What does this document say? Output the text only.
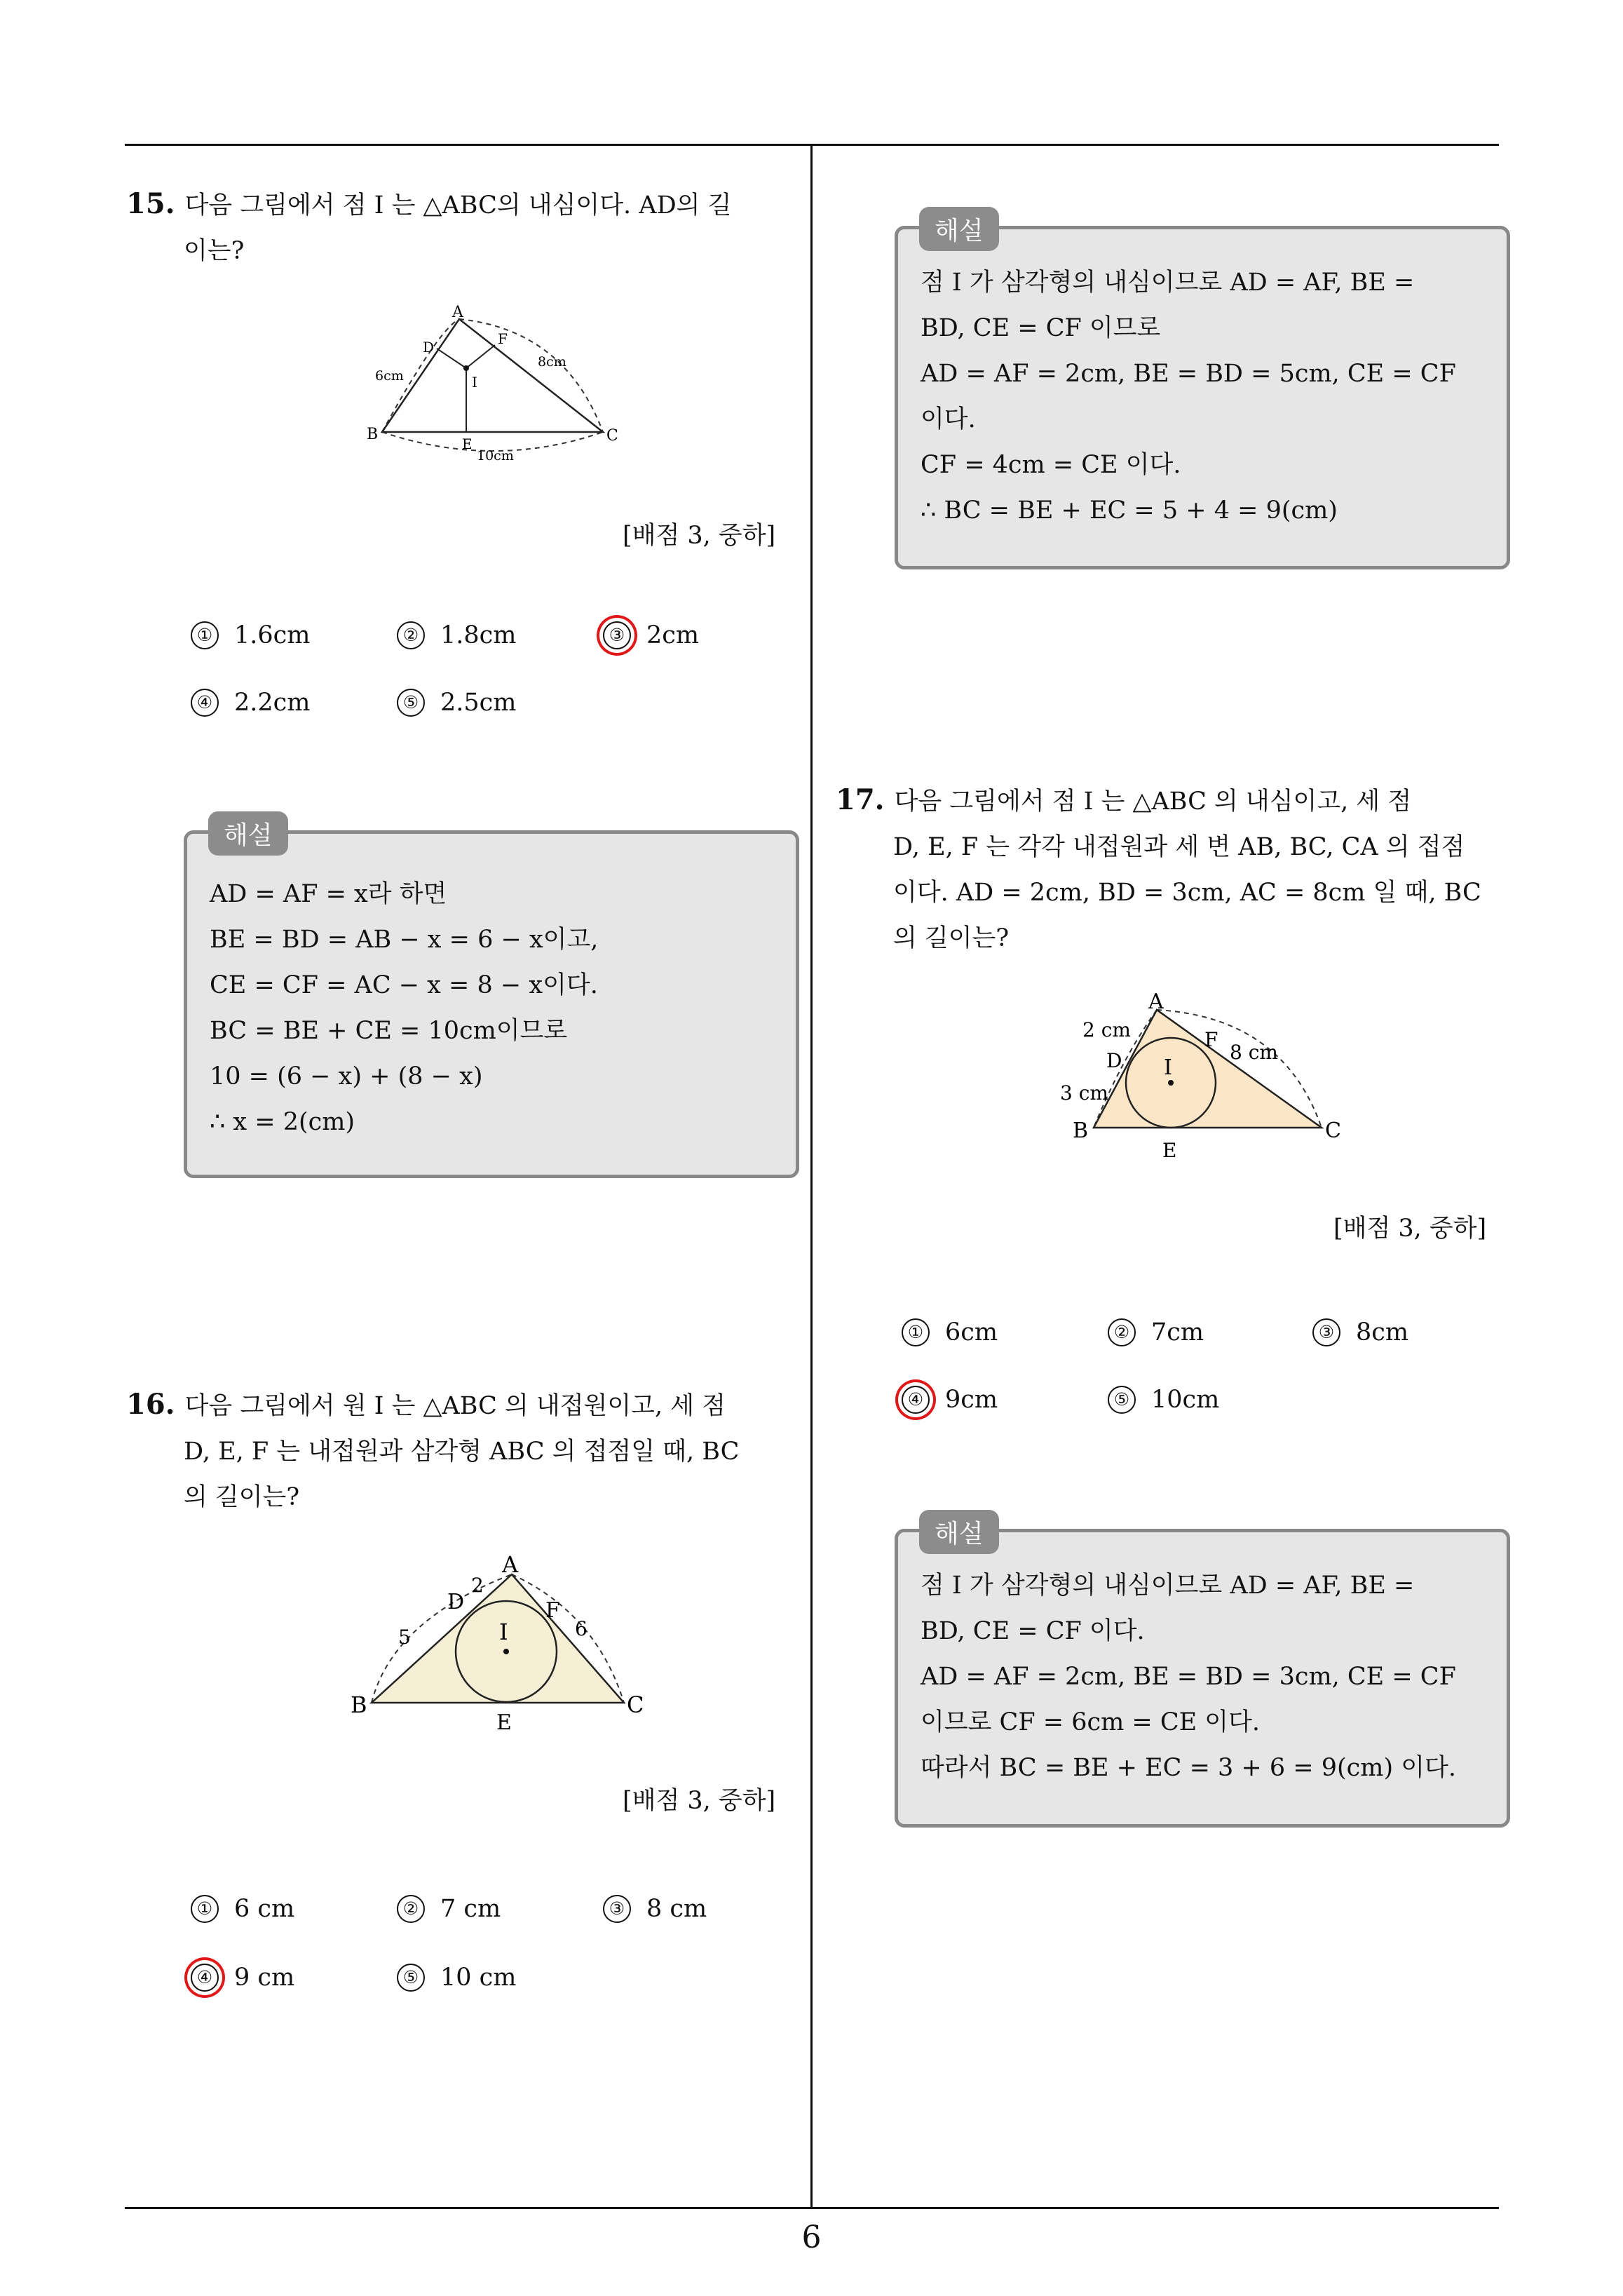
15. 다음 그림에서 점 I 는 △ABC의 내심이다. AD의 길
이는?
A
B	C
D
E
F
I
6cm
8cm
10cm
[배점 3, 중하]
① 1.6cm	② 1.8cm	③ 2cm
④ 2.2cm	⑤ 2.5cm
해설
AD = AF = x라 하면
BE = BD = AB − x = 6 − x이고,
CE = CF = AC − x = 8 − x이다.
BC = BE + CE = 10cm이므로
10 = (6 − x) + (8 − x)
∴ x = 2(cm)
16. 다음 그림에서 원 I 는 △ABC 의 내접원이고, 세 점
D, E, F 는 내접원과 삼각형 ABC 의 접점일 때, BC
의 길이는?
A
B	C
D
E
F
I
2
5	6
[배점 3, 중하]
① 6 cm	② 7 cm	③ 8 cm
④ 9 cm	⑤ 10 cm
해설
점 I 가 삼각형의 내심이므로 AD = AF, BE =
BD, CE = CF 이므로
AD = AF = 2cm, BE = BD = 5cm, CE = CF
이다.
CF = 4cm = CE 이다.
∴ BC = BE + EC = 5 + 4 = 9(cm)
17. 다음 그림에서 점 I 는 △ABC 의 내심이고, 세 점
D, E, F 는 각각 내접원과 세 변 AB, BC, CA 의 접점
이다. AD = 2cm, BD = 3cm, AC = 8cm 일 때, BC
의 길이는?
A
B	C
D
E
F
I
2 cm
3 cm
8 cm
[배점 3, 중하]
① 6cm	② 7cm	③ 8cm
④ 9cm	⑤ 10cm
해설
점 I 가 삼각형의 내심이므로 AD = AF, BE =
BD, CE = CF 이다.
AD = AF = 2cm, BE = BD = 3cm, CE = CF
이므로 CF = 6cm = CE 이다.
따라서 BC = BE + EC = 3 + 6 = 9(cm) 이다.
6
